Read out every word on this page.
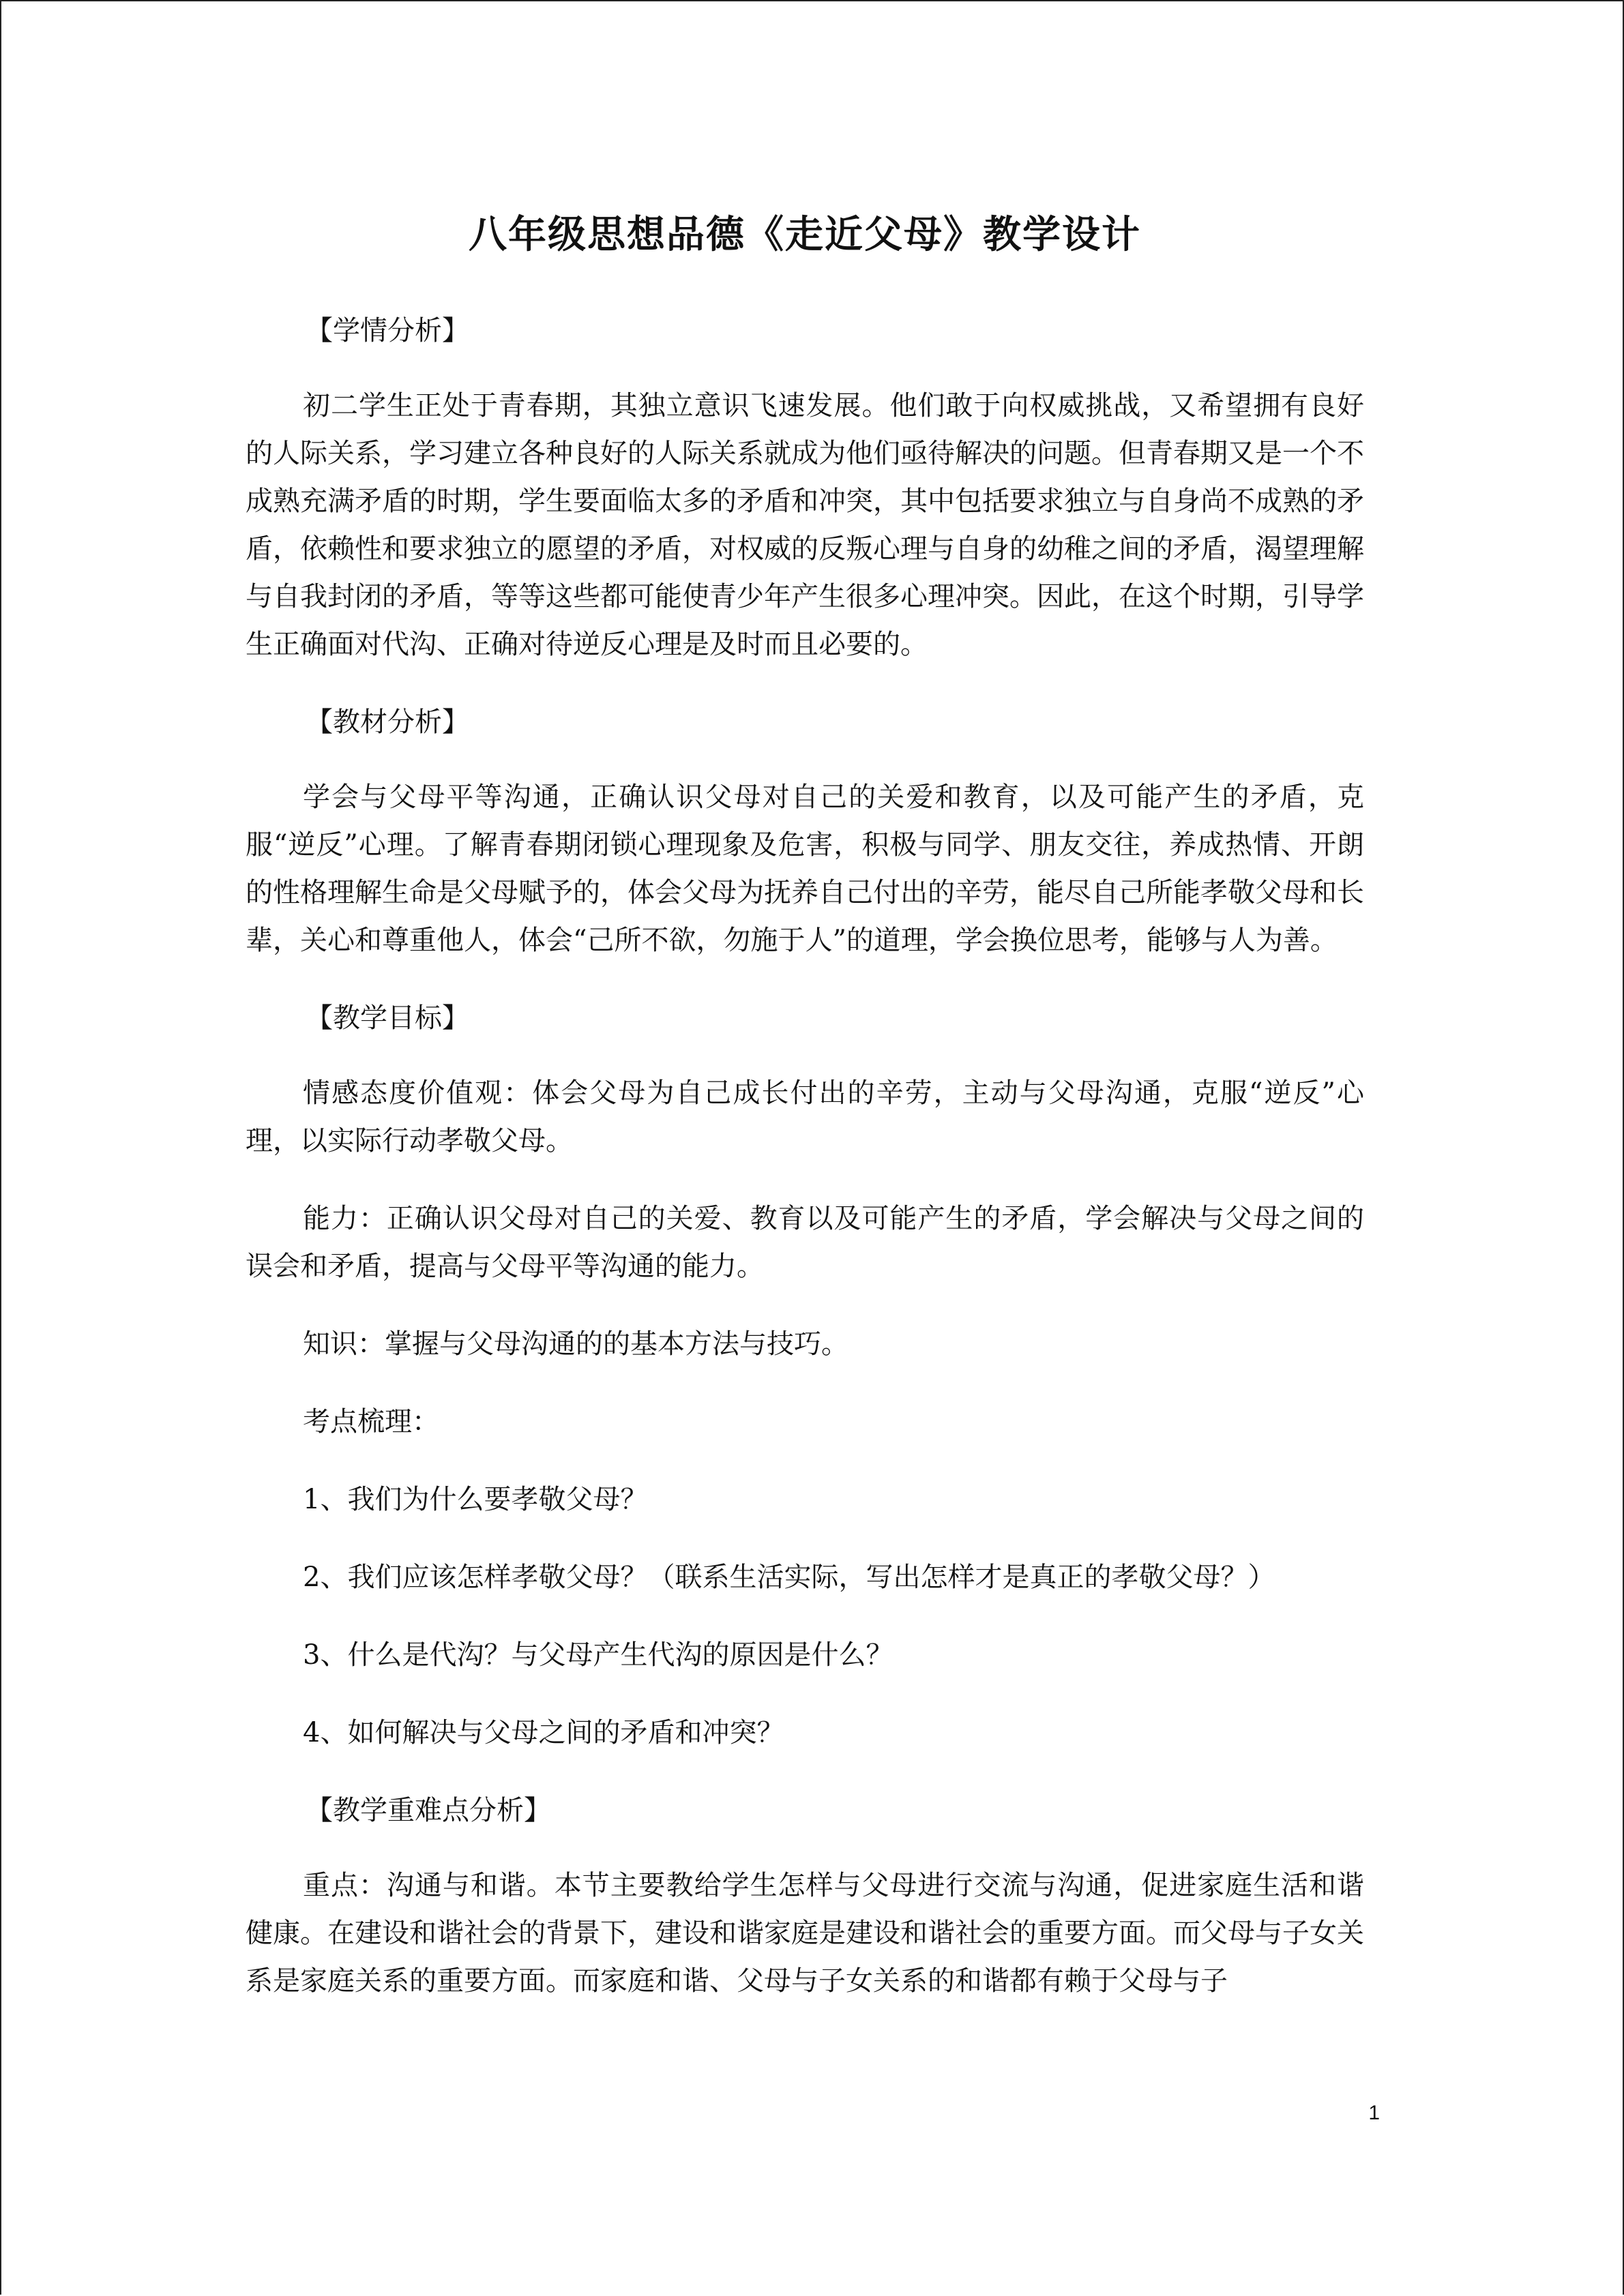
八年级思想品德《走近父母》教学设计
【学情分析】

初二学生正处于青春期，其独立意识飞速发展。他们敢于向权威挑战，又希望拥有良好的人际关系，学习建立各种良好的人际关系就成为他们亟待解决的问题。但青春期又是一个不成熟充满矛盾的时期，学生要面临太多的矛盾和冲突，其中包括要求独立与自身尚不成熟的矛盾，依赖性和要求独立的愿望的矛盾，对权威的反叛心理与自身的幼稚之间的矛盾，渴望理解与自我封闭的矛盾，等等这些都可能使青少年产生很多心理冲突。因此，在这个时期，引导学生正确面对代沟、正确对待逆反心理是及时而且必要的。

【教材分析】

学会与父母平等沟通，正确认识父母对自己的关爱和教育，以及可能产生的矛盾，克服“逆反”心理。了解青春期闭锁心理现象及危害，积极与同学、朋友交往，养成热情、开朗的性格理解生命是父母赋予的，体会父母为抚养自己付出的辛劳，能尽自己所能孝敬父母和长辈，关心和尊重他人，体会“己所不欲，勿施于人”的道理，学会换位思考，能够与人为善。

【教学目标】

情感态度价值观：体会父母为自己成长付出的辛劳，主动与父母沟通，克服“逆反”心理，以实际行动孝敬父母。

能力：正确认识父母对自己的关爱、教育以及可能产生的矛盾，学会解决与父母之间的误会和矛盾，提高与父母平等沟通的能力。

知识：掌握与父母沟通的的基本方法与技巧。
考点梳理：
1、我们为什么要孝敬父母？
2、我们应该怎样孝敬父母？（联系生活实际，写出怎样才是真正的孝敬父母？）
3、什么是代沟？与父母产生代沟的原因是什么？
4、如何解决与父母之间的矛盾和冲突？
【教学重难点分析】

重点：沟通与和谐。本节主要教给学生怎样与父母进行交流与沟通，促进家庭生活和谐健康。在建设和谐社会的背景下，建设和谐家庭是建设和谐社会的重要方面。而父母与子女关系是家庭关系的重要方面。而家庭和谐、父母与子女关系的和谐都有赖于父母与子

1
